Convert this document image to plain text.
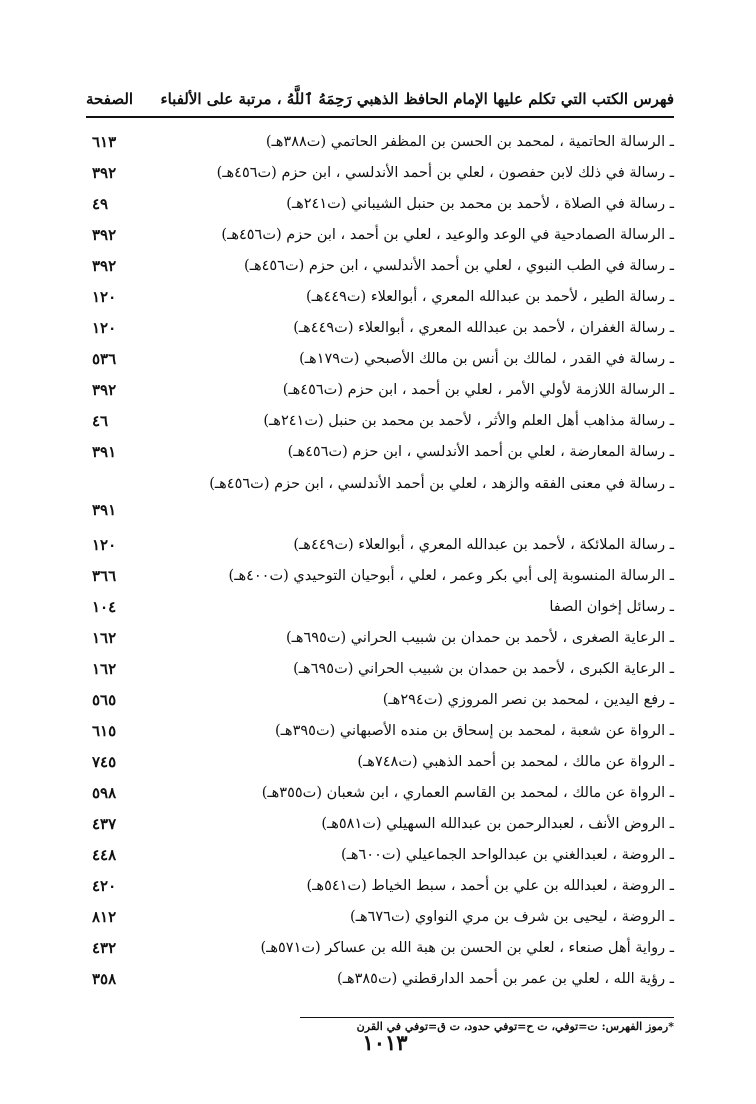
فهرس الكتب التي تكلم عليها الإمام الحافظ الذهبي رَحِمَهُ ٱللَّهُ ، مرتبة على الألفباء
الصفحة
ـ الرسالة الحاتمية ، لمحمد بن الحسن بن المظفر الحاتمي (ت٣٨٨هـ)
٦١٣
ـ رسالة في ذلك لابن حفصون ، لعلي بن أحمد الأندلسي ، ابن حزم (ت٤٥٦هـ)
٣٩٢
ـ رسالة في الصلاة ، لأحمد بن محمد بن حنبل الشيباني (ت٢٤١هـ)
٤٩
ـ الرسالة الصمادحية في الوعد والوعيد ، لعلي بن أحمد ، ابن حزم (ت٤٥٦هـ)
٣٩٢
ـ رسالة في الطب النبوي ، لعلي بن أحمد الأندلسي ، ابن حزم (ت٤٥٦هـ)
٣٩٢
ـ رسالة الطير ، لأحمد بن عبدالله المعري ، أبوالعلاء (ت٤٤٩هـ)
١٢٠
ـ رسالة الغفران ، لأحمد بن عبدالله المعري ، أبوالعلاء (ت٤٤٩هـ)
١٢٠
ـ رسالة في القدر ، لمالك بن أنس بن مالك الأصبحي (ت١٧٩هـ)
٥٣٦
ـ الرسالة اللازمة لأولي الأمر ، لعلي بن أحمد ، ابن حزم (ت٤٥٦هـ)
٣٩٢
ـ رسالة مذاهب أهل العلم والأثر ، لأحمد بن محمد بن حنبل (ت٢٤١هـ)
٤٦
ـ رسالة المعارضة ، لعلي بن أحمد الأندلسي ، ابن حزم (ت٤٥٦هـ)
٣٩١
ـ رسالة في معنى الفقه والزهد ، لعلي بن أحمد الأندلسي ، ابن حزم (ت٤٥٦هـ)
٣٩١
ـ رسالة الملائكة ، لأحمد بن عبدالله المعري ، أبوالعلاء (ت٤٤٩هـ)
١٢٠
ـ الرسالة المنسوبة إلى أبي بكر وعمر ، لعلي ، أبوحيان التوحيدي (ت٤٠٠هـ)
٣٦٦
ـ رسائل إخوان الصفا
١٠٤
ـ الرعاية الصغرى ، لأحمد بن حمدان بن شبيب الحراني (ت٦٩٥هـ)
١٦٢
ـ الرعاية الكبرى ، لأحمد بن حمدان بن شبيب الحراني (ت٦٩٥هـ)
١٦٢
ـ رفع اليدين ، لمحمد بن نصر المروزي (ت٢٩٤هـ)
٥٦٥
ـ الرواة عن شعبة ، لمحمد بن إسحاق بن منده الأصبهاني (ت٣٩٥هـ)
٦١٥
ـ الرواة عن مالك ، لمحمد بن أحمد الذهبي (ت٧٤٨هـ)
٧٤٥
ـ الرواة عن مالك ، لمحمد بن القاسم العماري ، ابن شعبان (ت٣٥٥هـ)
٥٩٨
ـ الروض الأنف ، لعبدالرحمن بن عبدالله السهيلي (ت٥٨١هـ)
٤٣٧
ـ الروضة ، لعبدالغني بن عبدالواحد الجماعيلي (ت٦٠٠هـ)
٤٤٨
ـ الروضة ، لعبدالله بن علي بن أحمد ، سبط الخياط (ت٥٤١هـ)
٤٢٠
ـ الروضة ، ليحيى بن شرف بن مري النواوي (ت٦٧٦هـ)
٨١٢
ـ رواية أهل صنعاء ، لعلي بن الحسن بن هبة الله بن عساكر (ت٥٧١هـ)
٤٣٢
ـ رؤية الله ، لعلي بن عمر بن أحمد الدارقطني (ت٣٨٥هـ)
٣٥٨
*رموز الفهرس: ت=توفي، ت ح=توفي حدود، ت ق=توفي في القرن
١٠١٣
